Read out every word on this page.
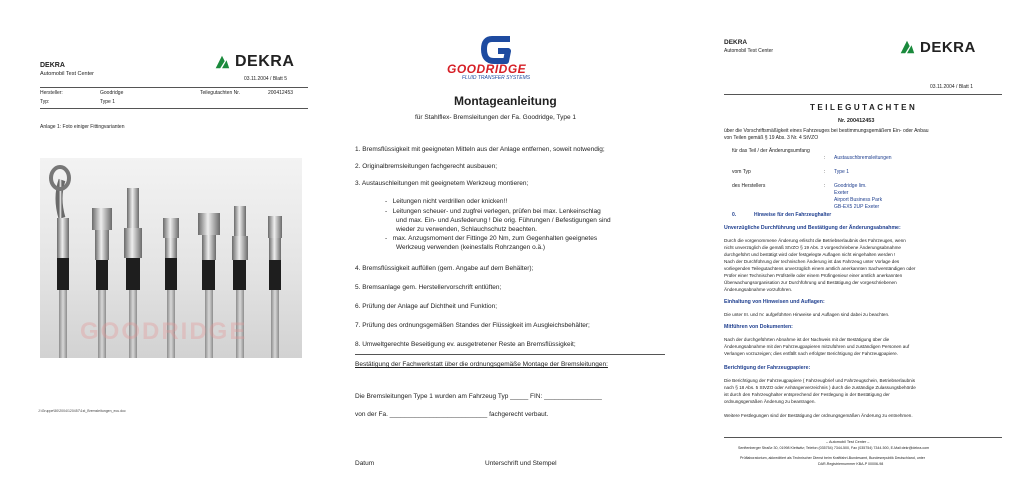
DEKRA
Automobil Test Center
DEKRA
03.11.2004 / Blatt 5
Hersteller:	Goodridge	Teilegutachten Nr.	200412453
Typ:	Type 1
Anlage 1: Foto einiger Fittingvarianten
J:\Gruppe\50\2004\120457\1st_Bremsleitungen_ecu.doc
GOODRIDGE
GOODRIDGE
FLUID TRANSFER SYSTEMS
Montageanleitung
für Stahlflex- Bremsleitungen der Fa. Goodridge, Type 1
1. Bremsflüssigkeit mit geeigneten Mitteln aus der Anlage entfernen, soweit notwendig;
2. Originalbremsleitungen fachgerecht ausbauen;
3. Austauschleitungen mit geeignetem Werkzeug montieren;
-   Leitungen nicht verdrillen oder knicken!!
-   Leitungen scheuer- und zugfrei verlegen, prüfen bei max. Lenkeinschlag
und max. Ein- und Ausfederung ! Die orig. Führungen / Befestigungen sind
wieder zu verwenden, Schlauchschutz beachten.
-   max. Anzugsmoment der Fittinge 20 Nm, zum Gegenhalten geeignetes
Werkzeug verwenden (keinesfalls Rohrzangen o.ä.)
4. Bremsflüssigkeit auffüllen (gem. Angabe auf dem Behälter);
5. Bremsanlage gem. Herstellervorschrift entlüften;
6. Prüfung der Anlage auf Dichtheit und Funktion;
7. Prüfung des ordnungsgemäßen Standes der Flüssigkeit im Ausgleichsbehälter;
8. Umweltgerechte Beseitigung ev. ausgetretener Reste an Bremsflüssigkeit;
Bestätigung der Fachwerkstatt über die ordnungsgemäße Montage der Bremsleitungen:
Die Bremsleitungen Type 1 wurden am Fahrzeug Typ _____ FIN: ________________
von der Fa. ___________________________ fachgerecht verbaut.
Datum	Unterschrift und Stempel
DEKRA
Automobil Test Center	DEKRA
03.11.2004 / Blatt 1
TEILEGUTACHTEN
Nr. 200412453
über die Vorschriftsmäßigkeit eines Fahrzeuges bei bestimmungsgemäßem Ein- oder Anbau
von Teilen gemäß § 19 Abs. 3 Nr. 4 StVZO
für das Teil / der Änderungsumfang
: Austauschbremsleitungen
vom Typ	: Type 1
des Herstellers	: Goodridge lim.
Exeter
Airport Business Park
GB-EX5 2UP Exeter
0.	Hinweise für den Fahrzeughalter
Unverzügliche Durchführung und Bestätigung der Änderungsabnahme:
Durch die vorgenommene Änderung erlischt die Betriebserlaubnis des Fahrzeuges, wenn
nicht unverzüglich die gemäß StVZO § 19 Abs. 3 vorgeschriebene Änderungsabnahme
durchgeführt und bestätigt wird oder festgelegte Auflagen nicht eingehalten werden !
Nach der Durchführung der technischen Änderung ist das Fahrzeug unter Vorlage des
vorliegenden Teilegutachtens unverzüglich einem amtlich anerkannten Sachverständigen oder
Prüfer einer Technischen Prüfstelle oder einem Prüfingenieur einer amtlich anerkannten
Überwachungsorganisation zur Durchführung und Bestätigung der vorgeschriebenen
Änderungsabnahme vorzuführen.
Einhaltung von Hinweisen und Auflagen:
Die unter III. und IV. aufgeführten Hinweise und Auflagen sind dabei zu beachten.
Mitführen von Dokumenten:
Nach der durchgeführten Abnahme ist der Nachweis mit der Bestätigung über die
Änderungsabnahme mit den Fahrzeugpapieren mitzuführen und zuständigen Personen auf
Verlangen vorzuzeigen; dies entfällt nach erfolgter Berichtigung der Fahrzeugpapiere.
Berichtigung der Fahrzeugpapiere:
Die Berichtigung der Fahrzeugpapiere ( Fahrzeugbrief und Fahrzeugschein, Betriebserlaubnis
nach § 18 Abs. 5 StVZO oder Anhängerverzeichnis ) durch die zuständige Zulassungsbehörde
ist durch den Fahrzeughalter entsprechend der Festlegung in der Bestätigung der
ordnungsgemäßen Änderung zu beantragen.
Weitere Festlegungen sind der Bestätigung der ordnungsgemäßen Änderung zu entnehmen.
– Automobil Test Center –
Senftenberger Straße 30, 01998 Klettwitz; Telefon (035754) 7344-500, Fax (035754) 7344-500, E-Mail:dekr@dekra.com
Prüflaboratorium, akkreditiert als Technischer Dienst beim Kraftfahrt-Bundesamt, Bundesrepublik Deutschland, unter
DAR-Registriernummer KBA-P 00006-98
